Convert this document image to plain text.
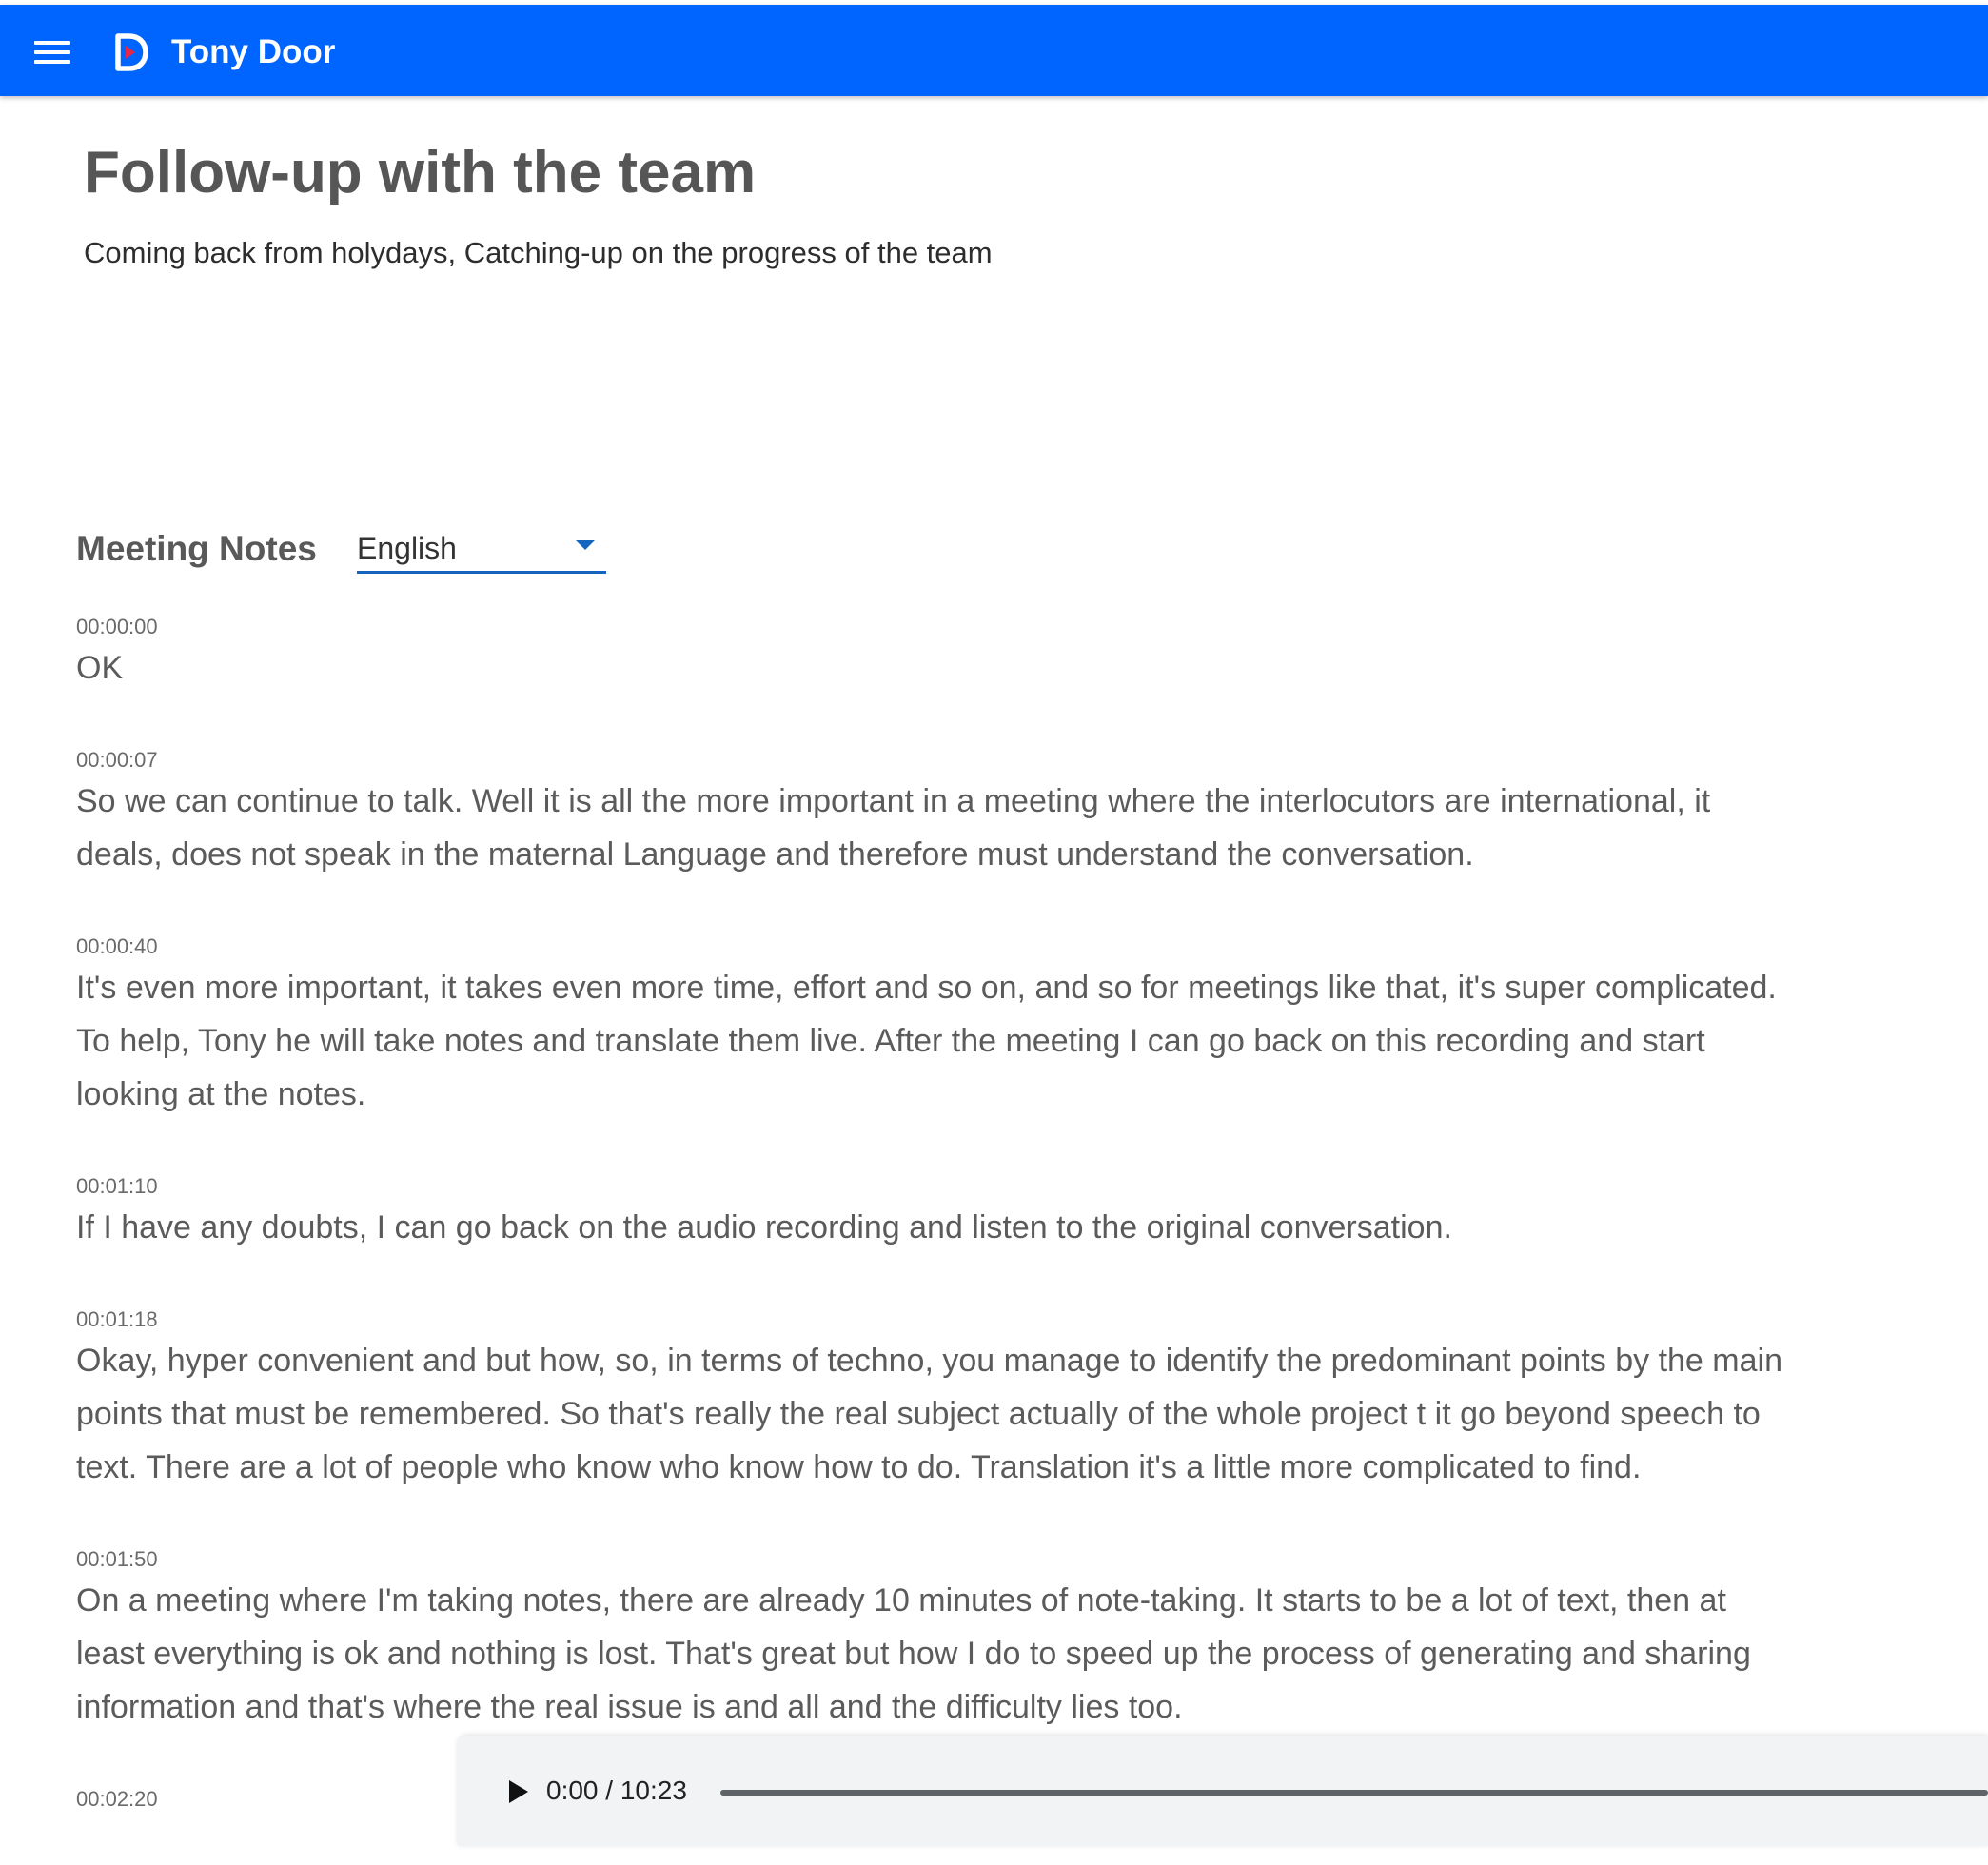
Tony Door
Follow-up with the team
Coming back from holydays, Catching-up on the progress of the team
Meeting Notes English
00:00:00
OK
00:00:07
So we can continue to talk. Well it is all the more important in a meeting where the interlocutors are international, it deals, does not speak in the maternal Language and therefore must understand the conversation.
00:00:40
It's even more important, it takes even more time, effort and so on, and so for meetings like that, it's super complicated. To help, Tony he will take notes and translate them live. After the meeting I can go back on this recording and start looking at the notes.
00:01:10
If I have any doubts, I can go back on the audio recording and listen to the original conversation.
00:01:18
Okay, hyper convenient and but how, so, in terms of techno, you manage to identify the predominant points by the main points that must be remembered. So that's really the real subject actually of the whole project t it go beyond speech to text. There are a lot of people who know who know how to do. Translation it's a little more complicated to find.
00:01:50
On a meeting where I'm taking notes, there are already 10 minutes of note-taking. It starts to be a lot of text, then at least everything is ok and nothing is lost. That's great but how I do to speed up the process of generating and sharing information and that's where the real issue is and all and the difficulty lies too.
00:02:20	0:00 / 10:23
